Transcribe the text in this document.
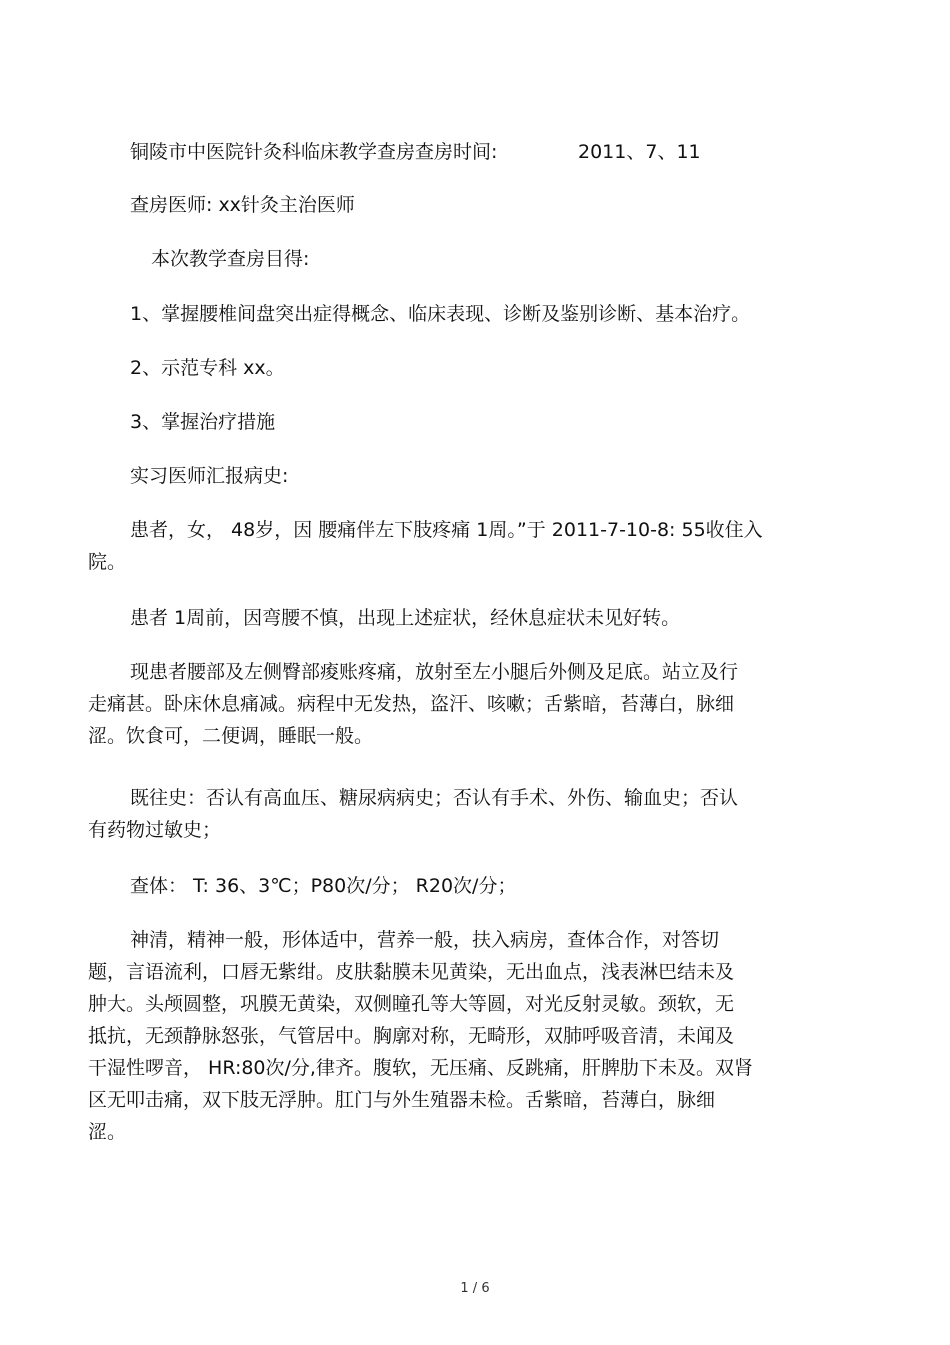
铜陵市中医院针灸科临床教学查房查房时间:	2011、7、11
查房医师: xx针灸主治医师
本次教学查房目得:
1、掌握腰椎间盘突出症得概念、临床表现、诊断及鉴别诊断、基本治疗。
2、示范专科 xx。
3、掌握治疗措施
实习医师汇报病史:
患者，女， 48岁，因 腰痛伴左下肢疼痛 1周。”于 2011-7-10-8: 55收住入
院。
患者 1周前，因弯腰不慎，出现上述症状，经休息症状未见好转。
现患者腰部及左侧臀部痠账疼痛，放射至左小腿后外侧及足底。站立及行
走痛甚。卧床休息痛减。病程中无发热，盗汗、咳嗽；舌紫暗，苔薄白，脉细
涩。饮食可，二便调，睡眠一般。
既往史：否认有高血压、糖尿病病史；否认有手术、外伤、输血史；否认
有药物过敏史；
查体： T: 36、3℃；P80次/分； R20次/分；
神清，精神一般，形体适中，营养一般，扶入病房，查体合作，对答切
题，言语流利，口唇无紫绀。皮肤黏膜未见黄染，无出血点，浅表淋巴结未及
肿大。头颅圆整，巩膜无黄染，双侧瞳孔等大等圆，对光反射灵敏。颈软，无
抵抗，无颈静脉怒张，气管居中。胸廓对称，无畸形，双肺呼吸音清，未闻及
干湿性啰音， HR:80次/分,律齐。腹软，无压痛、反跳痛，肝脾肋下未及。双肾
区无叩击痛，双下肢无浮肿。肛门与外生殖器未检。舌紫暗，苔薄白，脉细
涩。
1 / 6
